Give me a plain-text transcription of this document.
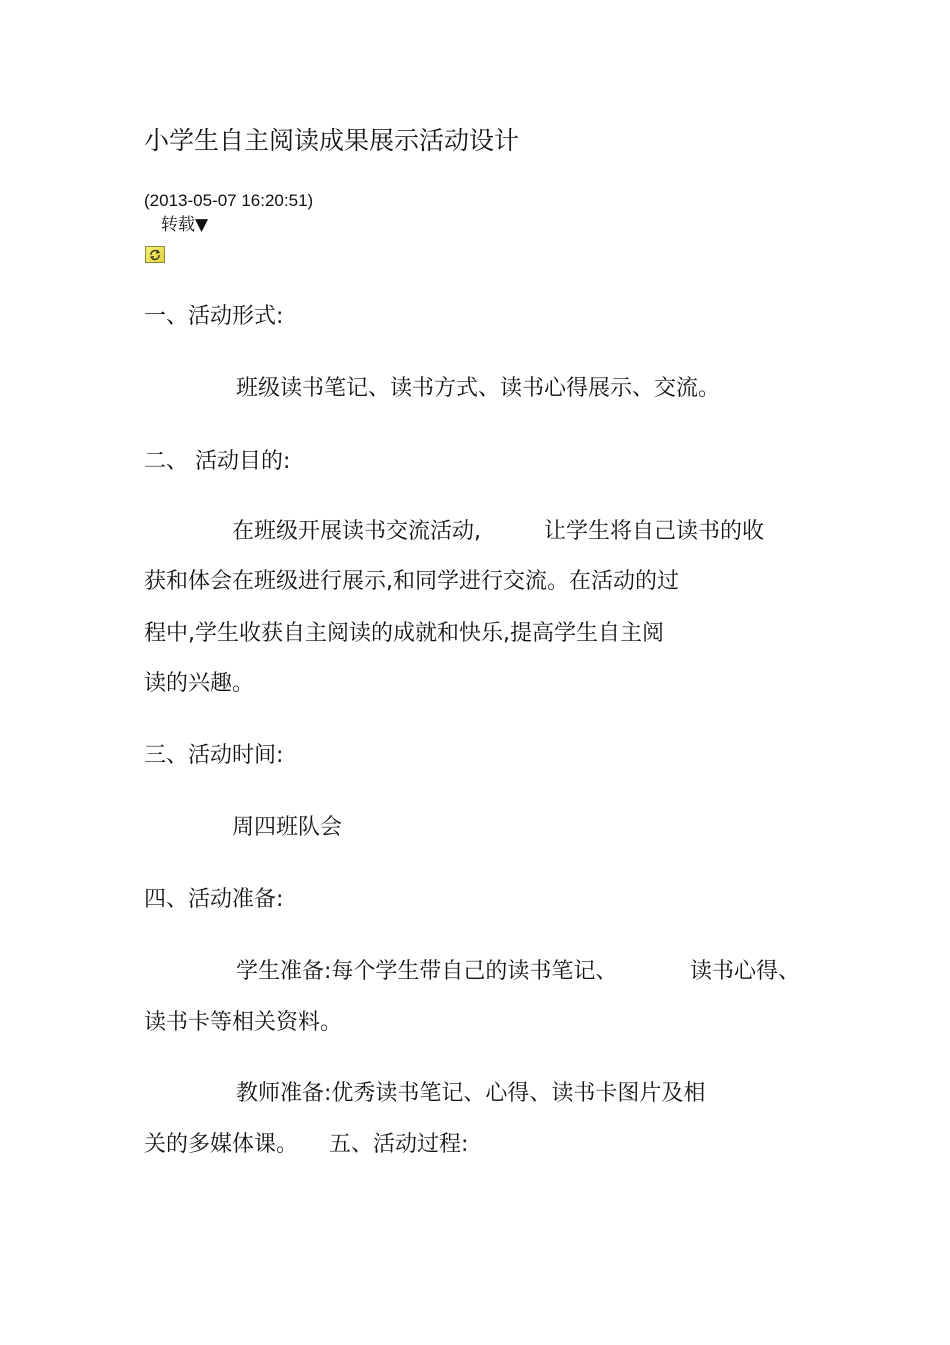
小学生自主阅读成果展示活动设计
(2013-05-07 16:20:51)
转载▼
一、活动形式:
班级读书笔记、读书方式、读书心得展示、交流。
二、 活动目的:
在班级开展读书交流活动,	让学生将自己读书的收
获和体会在班级进行展示,和同学进行交流。在活动的过
程中,学生收获自主阅读的成就和快乐,提高学生自主阅
读的兴趣。
三、活动时间:
周四班队会
四、活动准备:
学生准备:每个学生带自己的读书笔记、	读书心得、
读书卡等相关资料。
教师准备:优秀读书笔记、心得、读书卡图片及相
关的多媒体课。 五、活动过程:
